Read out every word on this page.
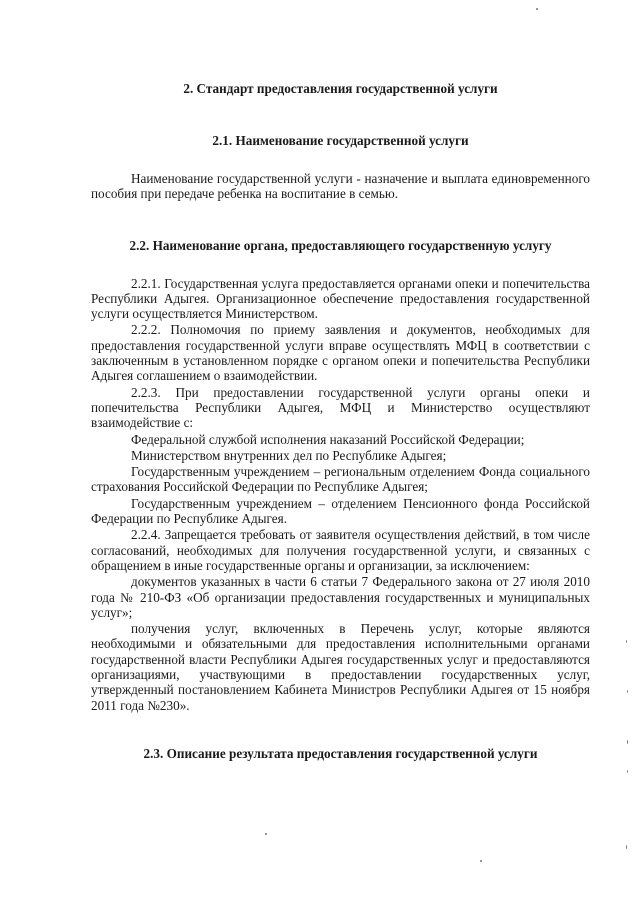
2. Стандарт предоставления государственной услуги
2.1. Наименование государственной услуги

Наименование государственной услуги - назначение и выплата единовременного пособия при передаче ребенка на воспитание в семью.

2.2. Наименование органа, предоставляющего государственную услугу

2.2.1. Государственная услуга предоставляется органами опеки и попечительства Республики Адыгея. Организационное обеспечение предоставления государственной услуги осуществляется Министерством.

2.2.2. Полномочия по приему заявления и документов, необходимых для предоставления государственной услуги вправе осуществлять МФЦ в соответствии с заключенным в установленном порядке с органом опеки и попечительства Республики Адыгея соглашением о взаимодействии.

2.2.3. При предоставлении государственной услуги органы опеки и попечительства Республики Адыгея, МФЦ и Министерство осуществляют взаимодействие с:

Федеральной службой исполнения наказаний Российской Федерации;

Министерством внутренних дел по Республике Адыгея;

Государственным учреждением – региональным отделением Фонда социального страхования Российской Федерации по Республике Адыгея;

Государственным учреждением – отделением Пенсионного фонда Российской Федерации по Республике Адыгея.

2.2.4. Запрещается требовать от заявителя осуществления действий, в том числе согласований, необходимых для получения государственной услуги, и связанных с обращением в иные государственные органы и организации, за исключением:

документов указанных в части 6 статьи 7 Федерального закона от 27 июля 2010 года № 210-ФЗ «Об организации предоставления государственных и муниципальных услуг»;

получения услуг, включенных в Перечень услуг, которые являются необходимыми и обязательными для предоставления исполнительными органами государственной власти Республики Адыгея государственных услуг и предоставляются организациями, участвующими в предоставлении государственных услуг, утвержденный постановлением Кабинета Министров Республики Адыгея от 15 ноября 2011 года №230».

2.3. Описание результата предоставления государственной услуги
